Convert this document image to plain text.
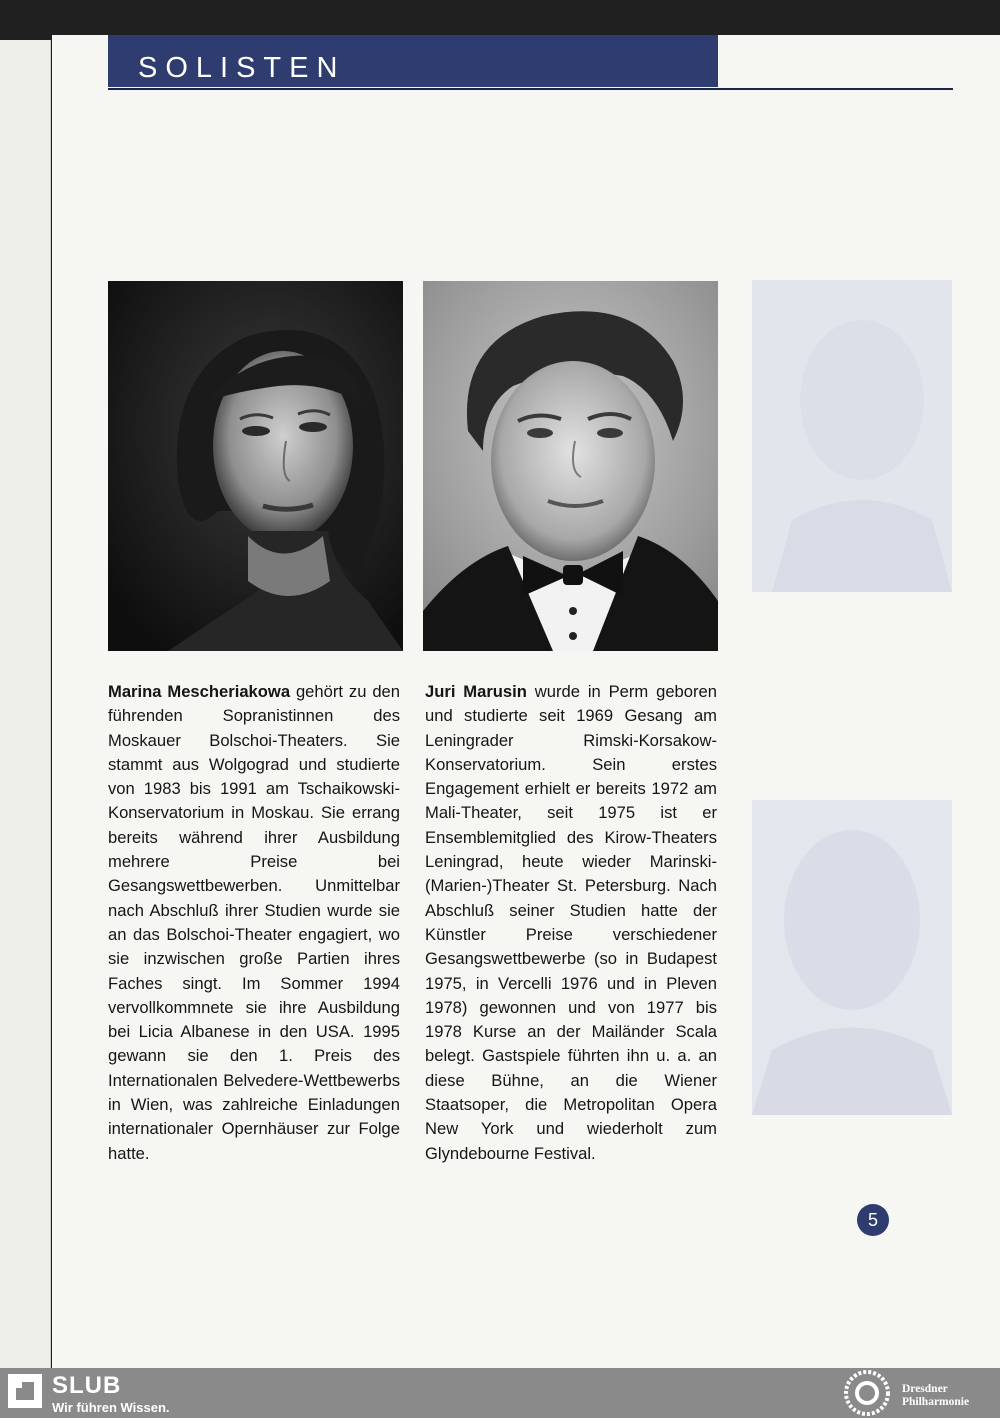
SOLISTEN
Marina Mescheriakowa gehört zu den führenden Sopranistinnen des Moskauer Bolschoi-Theaters. Sie stammt aus Wolgograd und studierte von 1983 bis 1991 am Tschaikowski-Konservatorium in Moskau. Sie errang bereits während ihrer Ausbildung mehrere Preise bei Gesangswettbewerben. Unmittelbar nach Abschluß ihrer Studien wurde sie an das Bolschoi-Theater engagiert, wo sie inzwischen große Partien ihres Faches singt. Im Sommer 1994 vervollkommnete sie ihre Ausbildung bei Licia Albanese in den USA. 1995 gewann sie den 1. Preis des Internationalen Belvedere-Wettbewerbs in Wien, was zahlreiche Einladungen internationaler Opernhäuser zur Folge hatte.
Juri Marusin wurde in Perm geboren und studierte seit 1969 Gesang am Leningrader Rimski-Korsakow-Konservatorium. Sein erstes Engagement erhielt er bereits 1972 am Mali-Theater, seit 1975 ist er Ensemblemitglied des Kirow-Theaters Leningrad, heute wieder Marinski-(Marien-)Theater St. Petersburg. Nach Abschluß seiner Studien hatte der Künstler Preise verschiedener Gesangswettbewerbe (so in Budapest 1975, in Vercelli 1976 und in Pleven 1978) gewonnen und von 1977 bis 1978 Kurse an der Mailänder Scala belegt. Gastspiele führten ihn u. a. an diese Bühne, an die Wiener Staatsoper, die Metropolitan Opera New York und wiederholt zum Glyndebourne Festival.
5
SLUB
Wir führen Wissen.
Dresdner
Philharmonie
